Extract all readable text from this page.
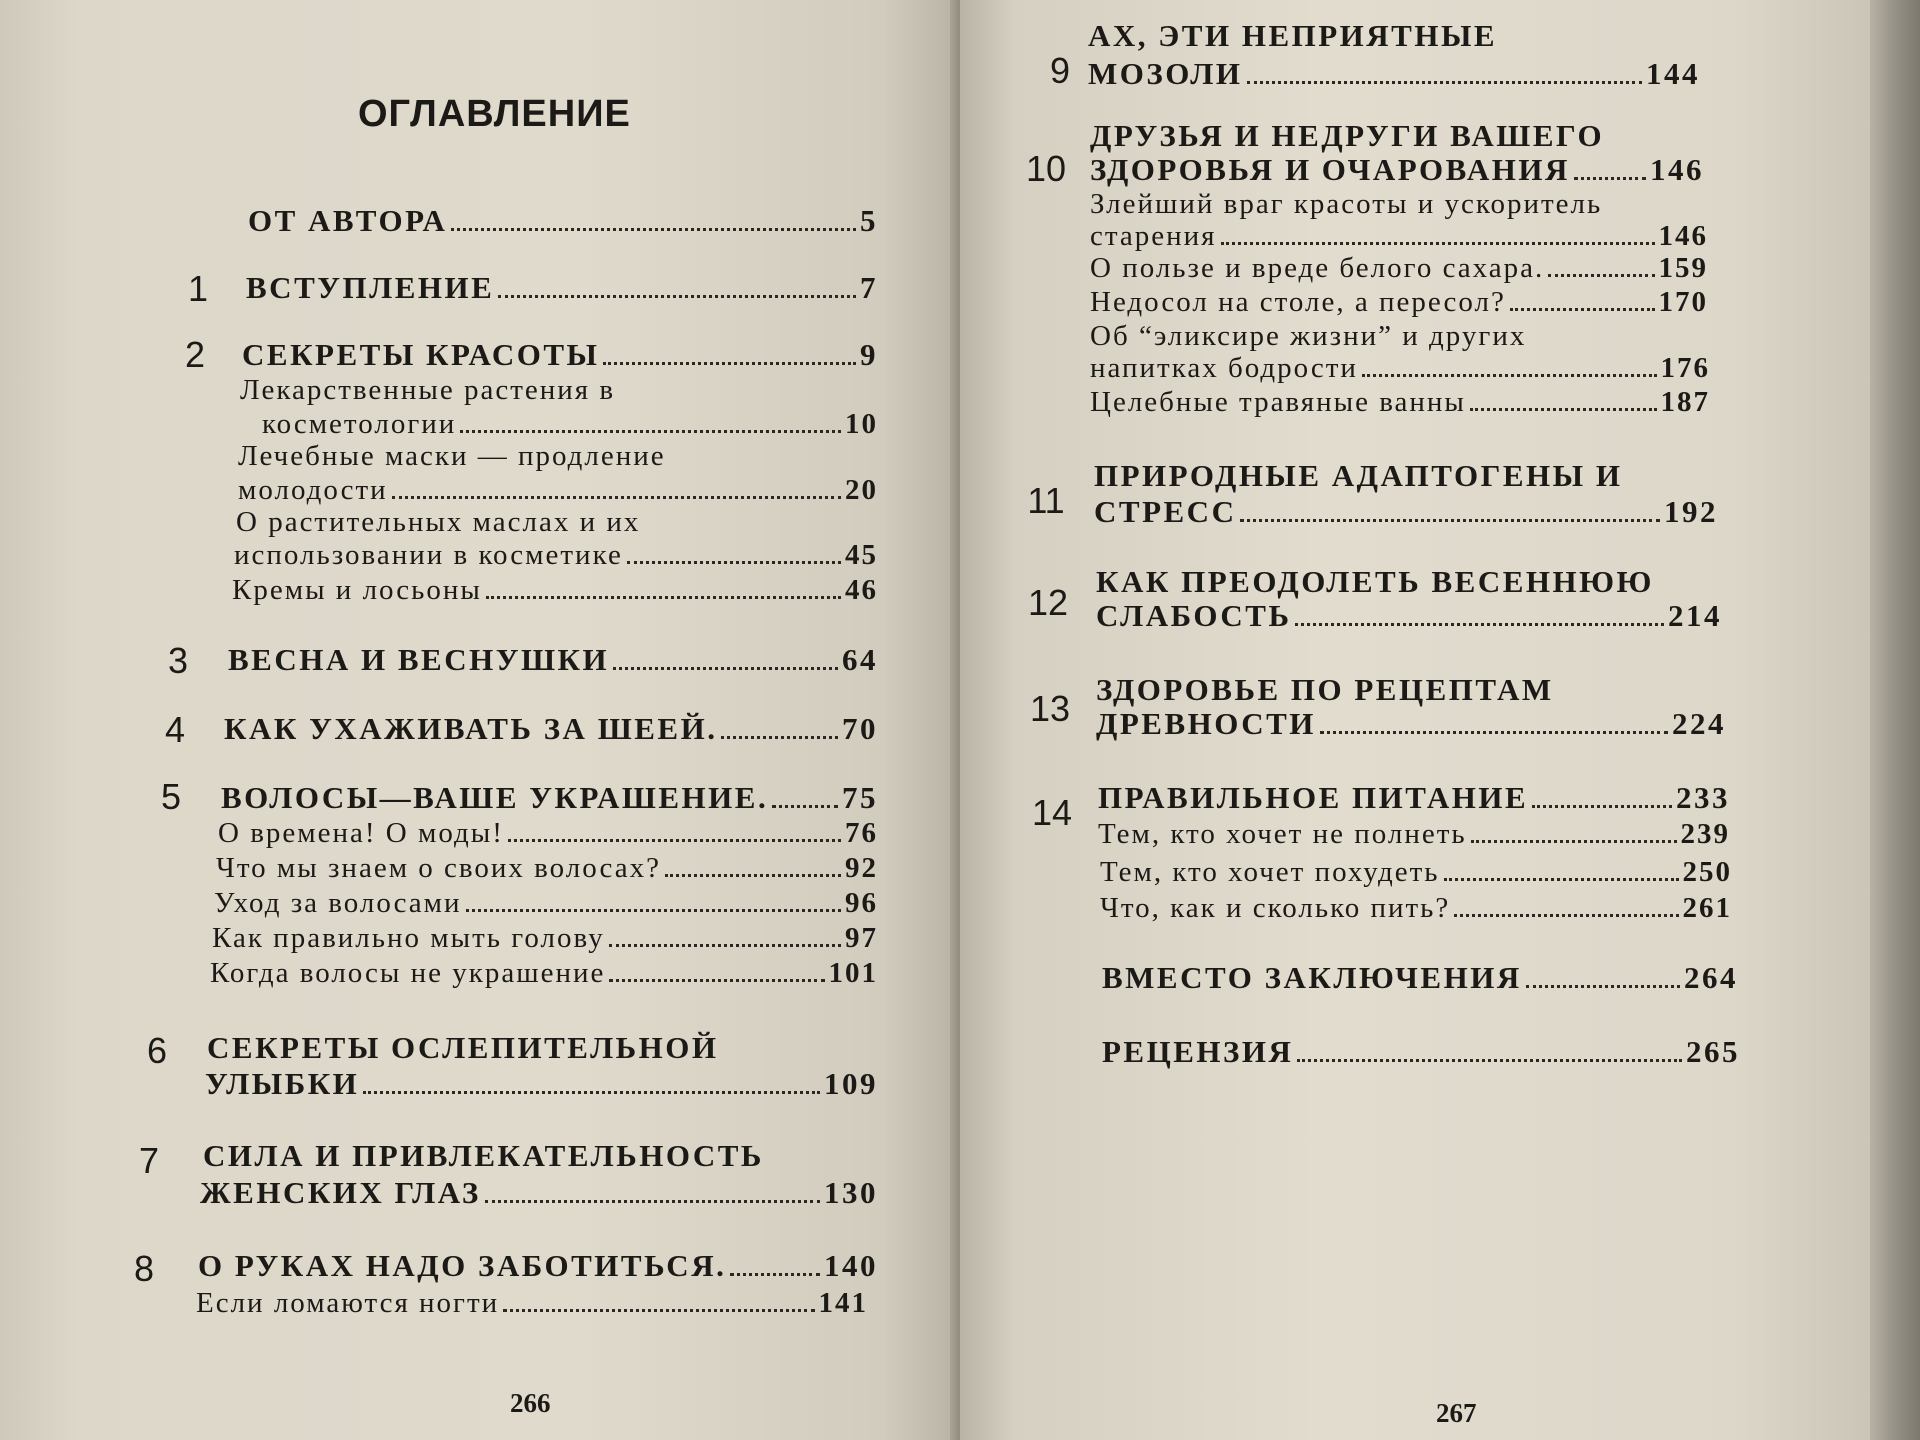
ОГЛАВЛЕНИЕ
ОТ АВТОРА	5
1	ВСТУПЛЕНИЕ	7
2	СЕКРЕТЫ КРАСОТЫ	9
Лекарственные растения в
косметологии	10
Лечебные маски — продление
молодости	20
О растительных маслах и их
использовании в косметике	45
Кремы и лосьоны	46
3	ВЕСНА И ВЕСНУШКИ	64
4	КАК УХАЖИВАТЬ ЗА ШЕЕЙ.	70
5	ВОЛОСЫ—ВАШЕ УКРАШЕНИЕ. 75
О времена! О моды!	76
Что мы знаем о своих волосах?	92
Уход за волосами	96
Как правильно мыть голову	97
Когда волосы не украшение	101
6	СЕКРЕТЫ ОСЛЕПИТЕЛЬНОЙ
УЛЫБКИ	109
7	СИЛА И ПРИВЛЕКАТЕЛЬНОСТЬ
ЖЕНСКИХ ГЛАЗ	130
8	О РУКАХ НАДО ЗАБОТИТЬСЯ.	140
Если ломаются ногти	141
266
9
АХ, ЭТИ НЕПРИЯТНЫЕ
МОЗОЛИ	144
10
ДРУЗЬЯ И НЕДРУГИ ВАШЕГО
ЗДОРОВЬЯ И ОЧАРОВАНИЯ	146
Злейший враг красоты и ускоритель
старения	146
О пользе и вреде белого сахара.	159
Недосол на столе, а пересол?	170
Об “эликсире жизни” и других
напитках бодрости	176
Целебные травяные ванны	187
11
ПРИРОДНЫЕ АДАПТОГЕНЫ И
СТРЕСС	192
12
КАК ПРЕОДОЛЕТЬ ВЕСЕННЮЮ
СЛАБОСТЬ	214
13 ЗДОРОВЬЕ ПО РЕЦЕПТАМ
ДРЕВНОСТИ	224
14 ПРАВИЛЬНОЕ ПИТАНИЕ	233
Тем, кто хочет не полнеть	239
Тем, кто хочет похудеть	250
Что, как и сколько пить?	261
ВМЕСТО ЗАКЛЮЧЕНИЯ	264
РЕЦЕНЗИЯ	265
267
